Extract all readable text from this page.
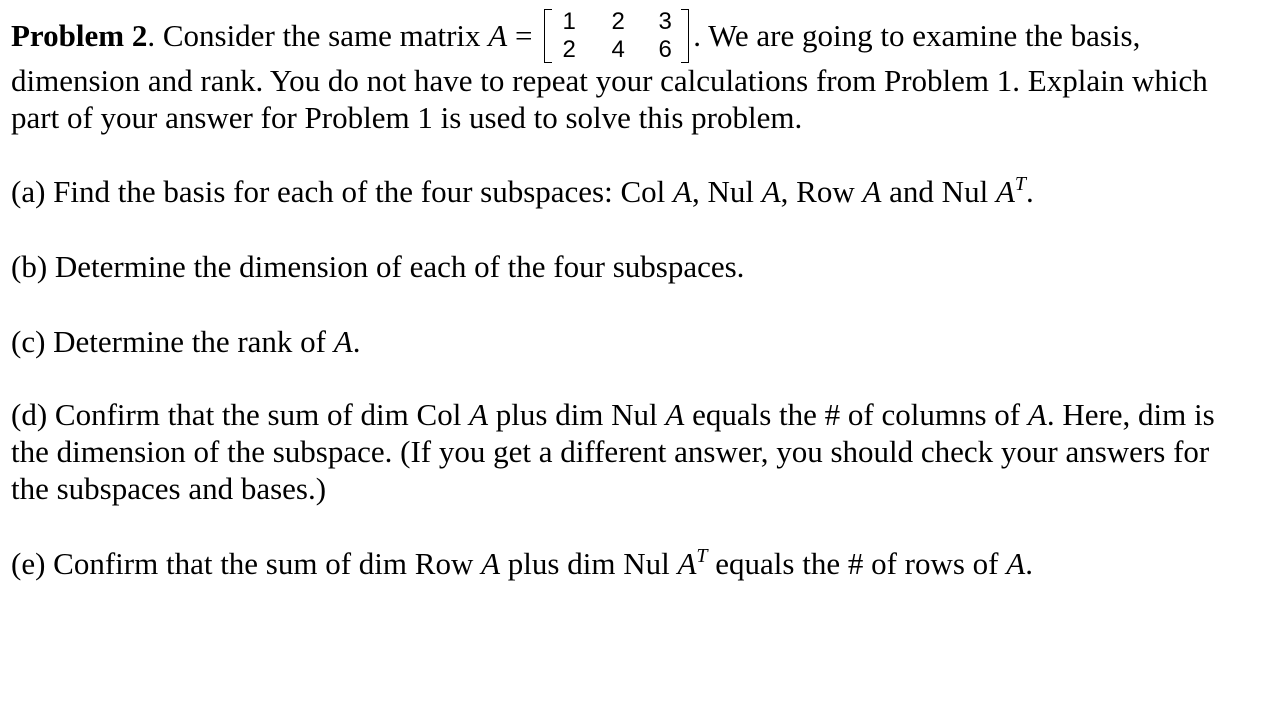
Problem 2. Consider the same matrix A = 1 2 3
2 4 6 . We are going to examine the basis,
dimension and rank. You do not have to repeat your calculations from Problem 1. Explain which
part of your answer for Problem 1 is used to solve this problem.
(a) Find the basis for each of the four subspaces: Col A, Nul A, Row A and Nul $A^T$.
(b) Determine the dimension of each of the four subspaces.
(c) Determine the rank of A.
(d) Confirm that the sum of dim Col A plus dim Nul A equals the # of columns of A. Here, dim is
the dimension of the subspace. (If you get a different answer, you should check your answers for
the subspaces and bases.)
(e) Confirm that the sum of dim Row A plus dim Nul $A^T$ equals the # of rows of A.
